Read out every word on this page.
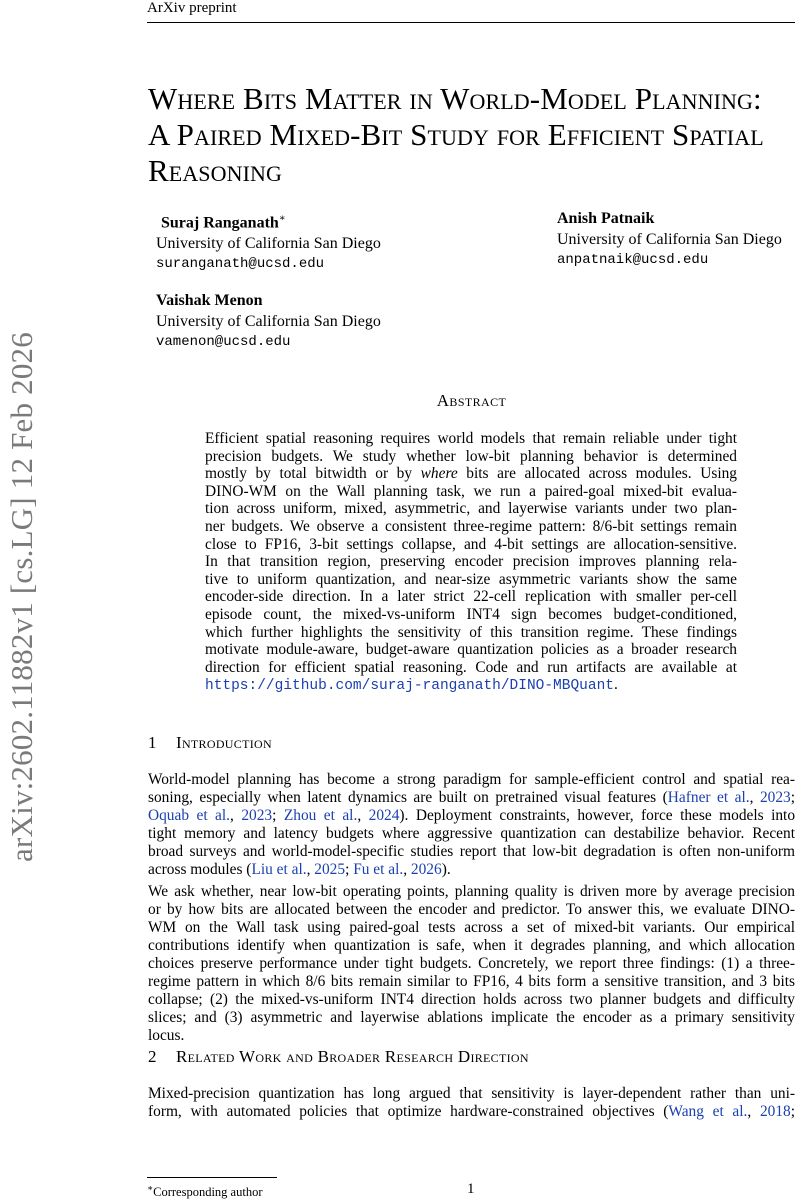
ArXiv preprint
arXiv:2602.11882v1 [cs.LG] 12 Feb 2026
Where Bits Matter in World-Model Planning:
A Paired Mixed-Bit Study for Efficient Spatial
Reasoning
Suraj Ranganath∗
University of California San Diego
suranganath@ucsd.edu
Anish Patnaik
University of California San Diego
anpatnaik@ucsd.edu
Vaishak Menon
University of California San Diego
vamenon@ucsd.edu
Abstract
Efficient spatial reasoning requires world models that remain reliable under tight
precision budgets. We study whether low-bit planning behavior is determined
mostly by total bitwidth or by where bits are allocated across modules. Using
DINO-WM on the Wall planning task, we run a paired-goal mixed-bit evalua-
tion across uniform, mixed, asymmetric, and layerwise variants under two plan-
ner budgets. We observe a consistent three-regime pattern: 8/6-bit settings remain
close to FP16, 3-bit settings collapse, and 4-bit settings are allocation-sensitive.
In that transition region, preserving encoder precision improves planning rela-
tive to uniform quantization, and near-size asymmetric variants show the same
encoder-side direction. In a later strict 22-cell replication with smaller per-cell
episode count, the mixed-vs-uniform INT4 sign becomes budget-conditioned,
which further highlights the sensitivity of this transition regime. These findings
motivate module-aware, budget-aware quantization policies as a broader research
direction for efficient spatial reasoning. Code and run artifacts are available at
https://github.com/suraj-ranganath/DINO-MBQuant.
1 Introduction
World-model planning has become a strong paradigm for sample-efficient control and spatial rea-
soning, especially when latent dynamics are built on pretrained visual features (Hafner et al., 2023;
Oquab et al., 2023; Zhou et al., 2024). Deployment constraints, however, force these models into
tight memory and latency budgets where aggressive quantization can destabilize behavior. Recent
broad surveys and world-model-specific studies report that low-bit degradation is often non-uniform
across modules (Liu et al., 2025; Fu et al., 2026).
We ask whether, near low-bit operating points, planning quality is driven more by average precision
or by how bits are allocated between the encoder and predictor. To answer this, we evaluate DINO-
WM on the Wall task using paired-goal tests across a set of mixed-bit variants. Our empirical
contributions identify when quantization is safe, when it degrades planning, and which allocation
choices preserve performance under tight budgets. Concretely, we report three findings: (1) a three-
regime pattern in which 8/6 bits remain similar to FP16, 4 bits form a sensitive transition, and 3 bits
collapse; (2) the mixed-vs-uniform INT4 direction holds across two planner budgets and difficulty
slices; and (3) asymmetric and layerwise ablations implicate the encoder as a primary sensitivity
locus.
2 Related Work and Broader Research Direction
Mixed-precision quantization has long argued that sensitivity is layer-dependent rather than uni-
form, with automated policies that optimize hardware-constrained objectives (Wang et al., 2018;
∗Corresponding author	1
